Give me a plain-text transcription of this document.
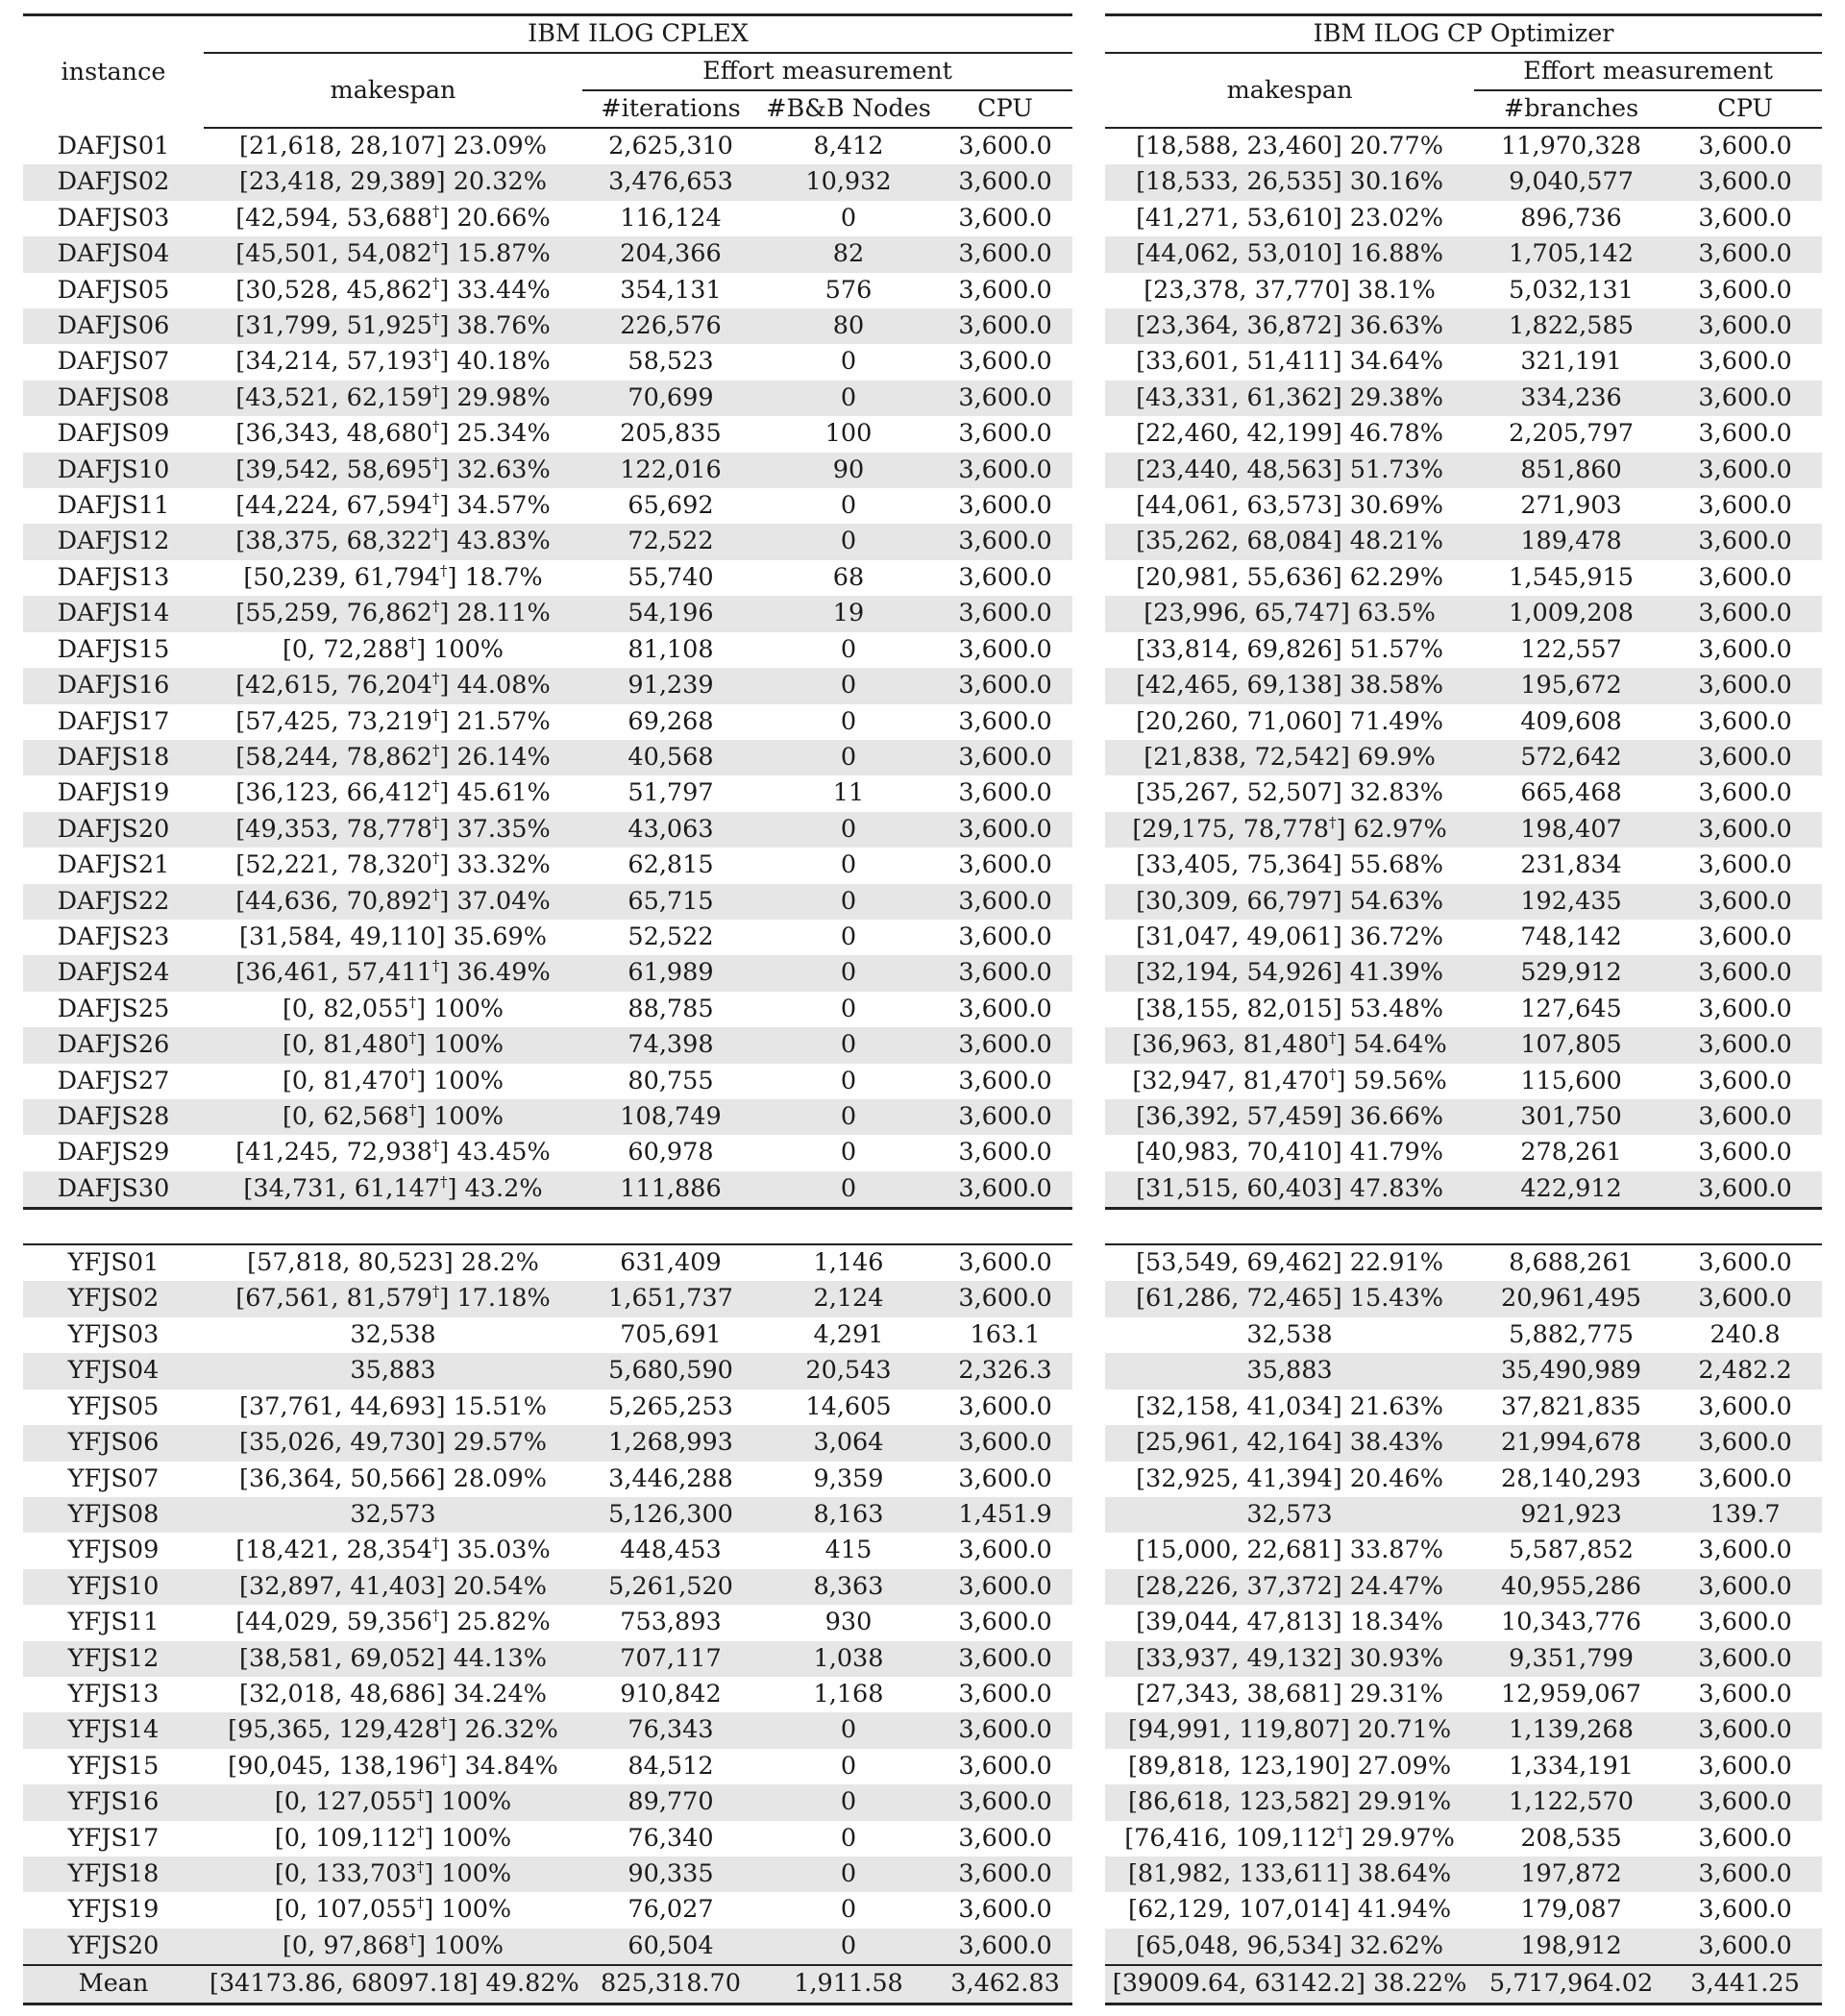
instance	IBM ILOG CPLEX					IBM ILOG CP Optimizer		
	makespan	Effort measurement				makespan	Effort measurement	
		#iterations	#B&B Nodes	CPU			#branches	CPU
DAFJS01	[21,618, 28,107] 23.09%	2,625,310	8,412	3,600.0		[18,588, 23,460] 20.77%	11,970,328	3,600.0
DAFJS02	[23,418, 29,389] 20.32%	3,476,653	10,932	3,600.0		[18,533, 26,535] 30.16%	9,040,577	3,600.0
DAFJS03	[42,594, 53,688†] 20.66%	116,124	0	3,600.0		[41,271, 53,610] 23.02%	896,736	3,600.0
DAFJS04	[45,501, 54,082†] 15.87%	204,366	82	3,600.0		[44,062, 53,010] 16.88%	1,705,142	3,600.0
DAFJS05	[30,528, 45,862†] 33.44%	354,131	576	3,600.0		[23,378, 37,770] 38.1%	5,032,131	3,600.0
DAFJS06	[31,799, 51,925†] 38.76%	226,576	80	3,600.0		[23,364, 36,872] 36.63%	1,822,585	3,600.0
DAFJS07	[34,214, 57,193†] 40.18%	58,523	0	3,600.0		[33,601, 51,411] 34.64%	321,191	3,600.0
DAFJS08	[43,521, 62,159†] 29.98%	70,699	0	3,600.0		[43,331, 61,362] 29.38%	334,236	3,600.0
DAFJS09	[36,343, 48,680†] 25.34%	205,835	100	3,600.0		[22,460, 42,199] 46.78%	2,205,797	3,600.0
DAFJS10	[39,542, 58,695†] 32.63%	122,016	90	3,600.0		[23,440, 48,563] 51.73%	851,860	3,600.0
DAFJS11	[44,224, 67,594†] 34.57%	65,692	0	3,600.0		[44,061, 63,573] 30.69%	271,903	3,600.0
DAFJS12	[38,375, 68,322†] 43.83%	72,522	0	3,600.0		[35,262, 68,084] 48.21%	189,478	3,600.0
DAFJS13	[50,239, 61,794†] 18.7%	55,740	68	3,600.0		[20,981, 55,636] 62.29%	1,545,915	3,600.0
DAFJS14	[55,259, 76,862†] 28.11%	54,196	19	3,600.0		[23,996, 65,747] 63.5%	1,009,208	3,600.0
DAFJS15	[0, 72,288†] 100%	81,108	0	3,600.0		[33,814, 69,826] 51.57%	122,557	3,600.0
DAFJS16	[42,615, 76,204†] 44.08%	91,239	0	3,600.0		[42,465, 69,138] 38.58%	195,672	3,600.0
DAFJS17	[57,425, 73,219†] 21.57%	69,268	0	3,600.0		[20,260, 71,060] 71.49%	409,608	3,600.0
DAFJS18	[58,244, 78,862†] 26.14%	40,568	0	3,600.0		[21,838, 72,542] 69.9%	572,642	3,600.0
DAFJS19	[36,123, 66,412†] 45.61%	51,797	11	3,600.0		[35,267, 52,507] 32.83%	665,468	3,600.0
DAFJS20	[49,353, 78,778†] 37.35%	43,063	0	3,600.0		[29,175, 78,778†] 62.97%	198,407	3,600.0
DAFJS21	[52,221, 78,320†] 33.32%	62,815	0	3,600.0		[33,405, 75,364] 55.68%	231,834	3,600.0
DAFJS22	[44,636, 70,892†] 37.04%	65,715	0	3,600.0		[30,309, 66,797] 54.63%	192,435	3,600.0
DAFJS23	[31,584, 49,110] 35.69%	52,522	0	3,600.0		[31,047, 49,061] 36.72%	748,142	3,600.0
DAFJS24	[36,461, 57,411†] 36.49%	61,989	0	3,600.0		[32,194, 54,926] 41.39%	529,912	3,600.0
DAFJS25	[0, 82,055†] 100%	88,785	0	3,600.0		[38,155, 82,015] 53.48%	127,645	3,600.0
DAFJS26	[0, 81,480†] 100%	74,398	0	3,600.0		[36,963, 81,480†] 54.64%	107,805	3,600.0
DAFJS27	[0, 81,470†] 100%	80,755	0	3,600.0		[32,947, 81,470†] 59.56%	115,600	3,600.0
DAFJS28	[0, 62,568†] 100%	108,749	0	3,600.0		[36,392, 57,459] 36.66%	301,750	3,600.0
DAFJS29	[41,245, 72,938†] 43.45%	60,978	0	3,600.0		[40,983, 70,410] 41.79%	278,261	3,600.0
DAFJS30	[34,731, 61,147†] 43.2%	111,886	0	3,600.0		[31,515, 60,403] 47.83%	422,912	3,600.0

YFJS01	[57,818, 80,523] 28.2%	631,409	1,146	3,600.0		[53,549, 69,462] 22.91%	8,688,261	3,600.0
YFJS02	[67,561, 81,579†] 17.18%	1,651,737	2,124	3,600.0		[61,286, 72,465] 15.43%	20,961,495	3,600.0
YFJS03	32,538	705,691	4,291	163.1		32,538	5,882,775	240.8
YFJS04	35,883	5,680,590	20,543	2,326.3		35,883	35,490,989	2,482.2
YFJS05	[37,761, 44,693] 15.51%	5,265,253	14,605	3,600.0		[32,158, 41,034] 21.63%	37,821,835	3,600.0
YFJS06	[35,026, 49,730] 29.57%	1,268,993	3,064	3,600.0		[25,961, 42,164] 38.43%	21,994,678	3,600.0
YFJS07	[36,364, 50,566] 28.09%	3,446,288	9,359	3,600.0		[32,925, 41,394] 20.46%	28,140,293	3,600.0
YFJS08	32,573	5,126,300	8,163	1,451.9		32,573	921,923	139.7
YFJS09	[18,421, 28,354†] 35.03%	448,453	415	3,600.0		[15,000, 22,681] 33.87%	5,587,852	3,600.0
YFJS10	[32,897, 41,403] 20.54%	5,261,520	8,363	3,600.0		[28,226, 37,372] 24.47%	40,955,286	3,600.0
YFJS11	[44,029, 59,356†] 25.82%	753,893	930	3,600.0		[39,044, 47,813] 18.34%	10,343,776	3,600.0
YFJS12	[38,581, 69,052] 44.13%	707,117	1,038	3,600.0		[33,937, 49,132] 30.93%	9,351,799	3,600.0
YFJS13	[32,018, 48,686] 34.24%	910,842	1,168	3,600.0		[27,343, 38,681] 29.31%	12,959,067	3,600.0
YFJS14	[95,365, 129,428†] 26.32%	76,343	0	3,600.0		[94,991, 119,807] 20.71%	1,139,268	3,600.0
YFJS15	[90,045, 138,196†] 34.84%	84,512	0	3,600.0		[89,818, 123,190] 27.09%	1,334,191	3,600.0
YFJS16	[0, 127,055†] 100%	89,770	0	3,600.0		[86,618, 123,582] 29.91%	1,122,570	3,600.0
YFJS17	[0, 109,112†] 100%	76,340	0	3,600.0		[76,416, 109,112†] 29.97%	208,535	3,600.0
YFJS18	[0, 133,703†] 100%	90,335	0	3,600.0		[81,982, 133,611] 38.64%	197,872	3,600.0
YFJS19	[0, 107,055†] 100%	76,027	0	3,600.0		[62,129, 107,014] 41.94%	179,087	3,600.0
YFJS20	[0, 97,868†] 100%	60,504	0	3,600.0		[65,048, 96,534] 32.62%	198,912	3,600.0
Mean	[34173.86, 68097.18] 49.82%	825,318.70	1,911.58	3,462.83		[39009.64, 63142.2] 38.22%	5,717,964.02	3,441.25
